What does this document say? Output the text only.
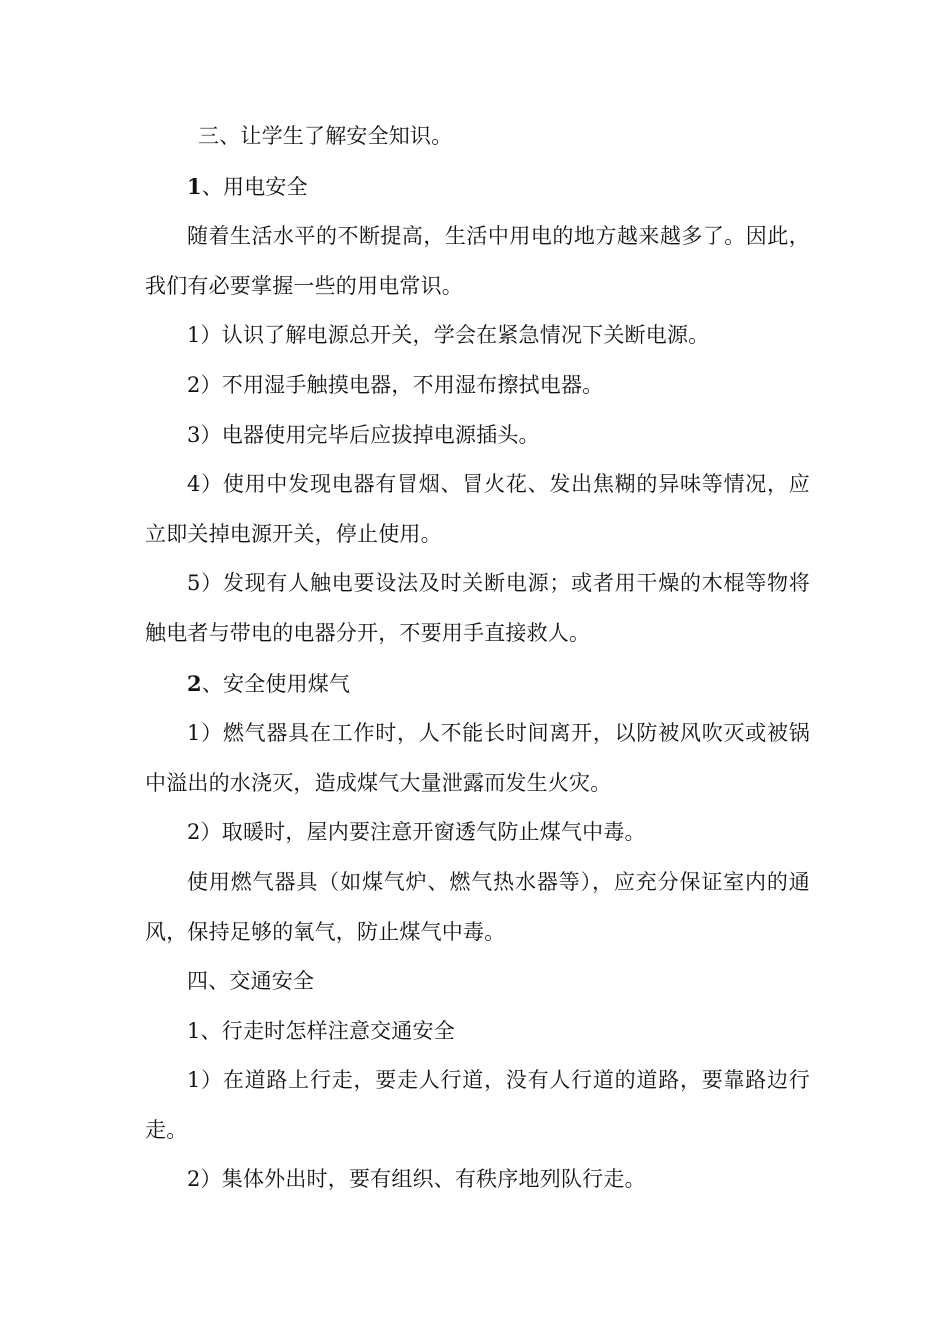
三、让学生了解安全知识。

1、用电安全

随着生活水平的不断提高，生活中用电的地方越来越多了。因此，我们有必要掌握一些的用电常识。

1）认识了解电源总开关，学会在紧急情况下关断电源。

2）不用湿手触摸电器，不用湿布擦拭电器。

3）电器使用完毕后应拔掉电源插头。

4）使用中发现电器有冒烟、冒火花、发出焦糊的异味等情况，应立即关掉电源开关，停止使用。

5）发现有人触电要设法及时关断电源；或者用干燥的木棍等物将触电者与带电的电器分开，不要用手直接救人。

2、安全使用煤气

1）燃气器具在工作时，人不能长时间离开，以防被风吹灭或被锅中溢出的水浇灭，造成煤气大量泄露而发生火灾。

2）取暖时，屋内要注意开窗透气防止煤气中毒。

使用燃气器具（如煤气炉、燃气热水器等），应充分保证室内的通风，保持足够的氧气，防止煤气中毒。

四、交通安全

1、行走时怎样注意交通安全

1）在道路上行走，要走人行道，没有人行道的道路，要靠路边行走。

2）集体外出时，要有组织、有秩序地列队行走。
